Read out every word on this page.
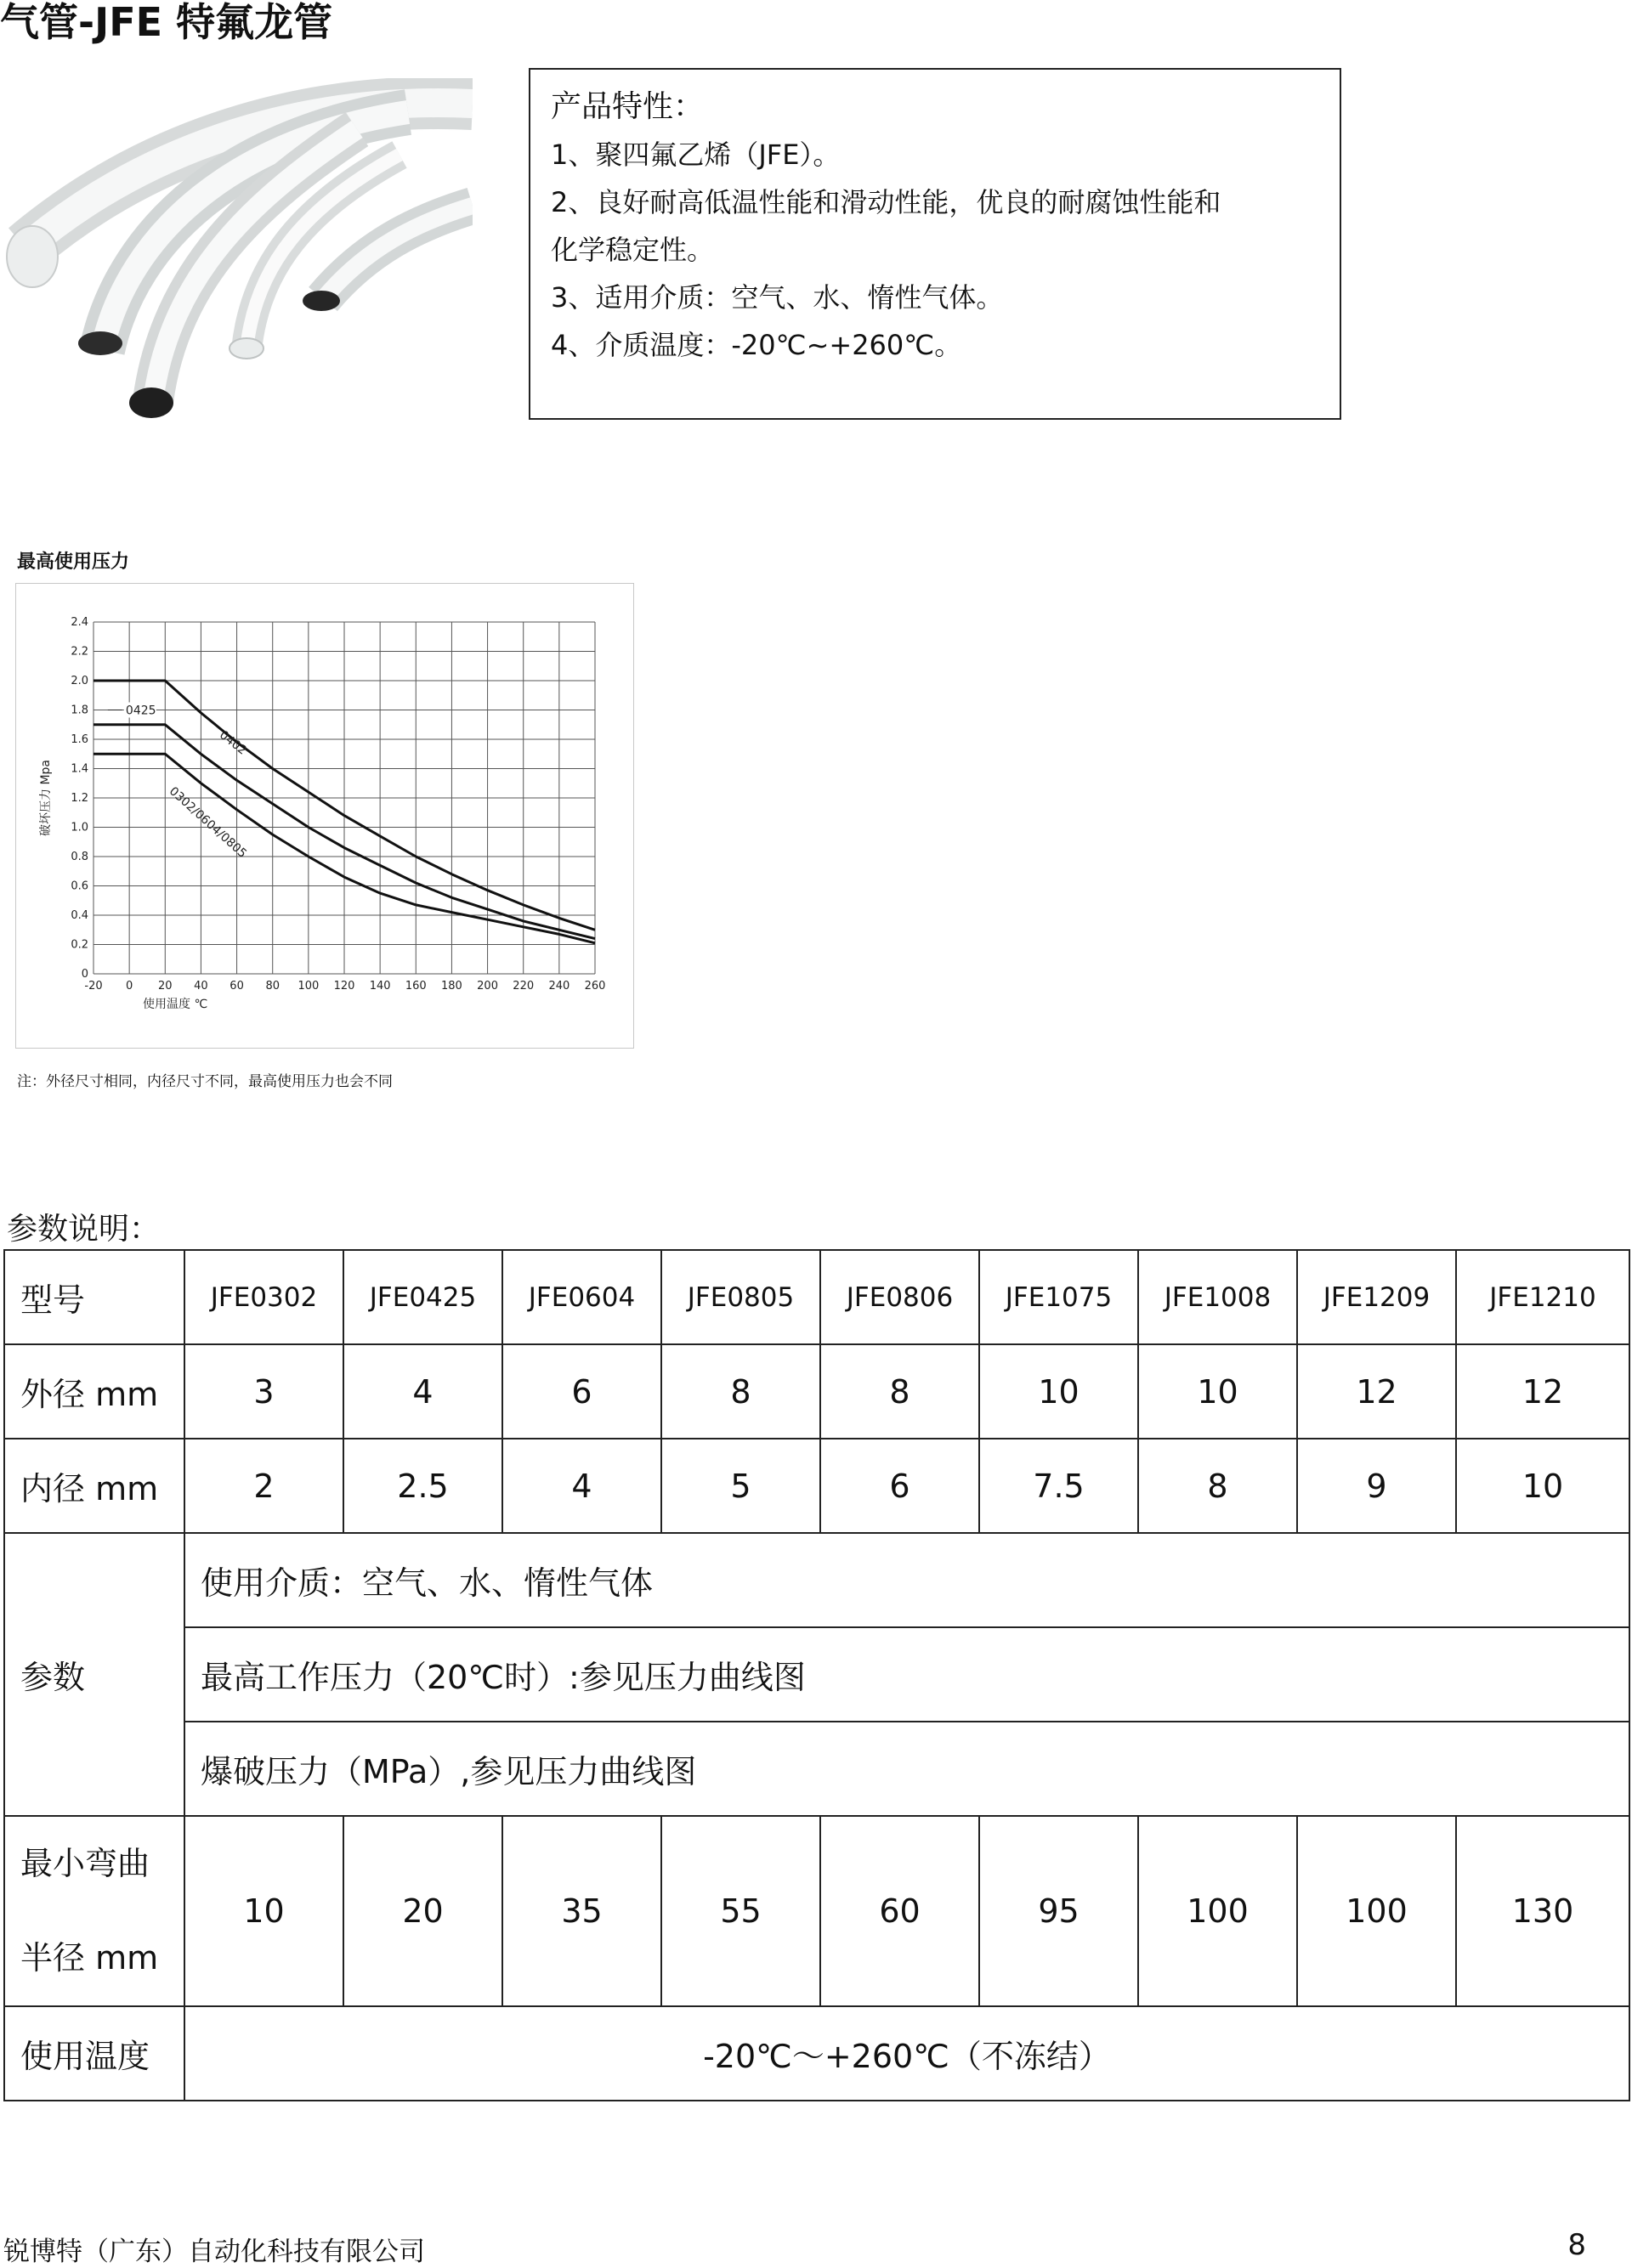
气管-JFE 特氟龙管
产品特性：
1、聚四氟乙烯（JFE）。
2、良好耐高低温性能和滑动性能，优良的耐腐蚀性能和
化学稳定性。
3、适用介质：空气、水、惰性气体。
4、介质温度：-20℃~+260℃。
最高使用压力
-20 0 20 40 60 80 100 120 140 160 180 200 220 240 260
0
0.2
0.4
0.6
0.8
1.0
1.2
1.4
1.6
1.8
2.0
2.2
2.4
使用温度 ℃
破坏压力 Mpa
0402
0425
0302/0604/0805
注：外径尺寸相同，内径尺寸不同，最高使用压力也会不同
参数说明：
型号	JFE0302	JFE0425	JFE0604	JFE0805	JFE0806	JFE1075	JFE1008	JFE1209	JFE1210
外径 mm	3	4	6	8	8	10	10	12	12
内径 mm	2	2.5	4	5	6	7.5	8	9	10
参数	使用介质：空气、水、惰性气体								
	最高工作压力（20℃时）:参见压力曲线图								
	爆破压力（MPa）,参见压力曲线图								

最小弯曲
半径 mm	10	20	35	55	60	95	100	100	130
使用温度	-20℃～+260℃（不冻结）								
锐博特（广东）自动化科技有限公司	8
